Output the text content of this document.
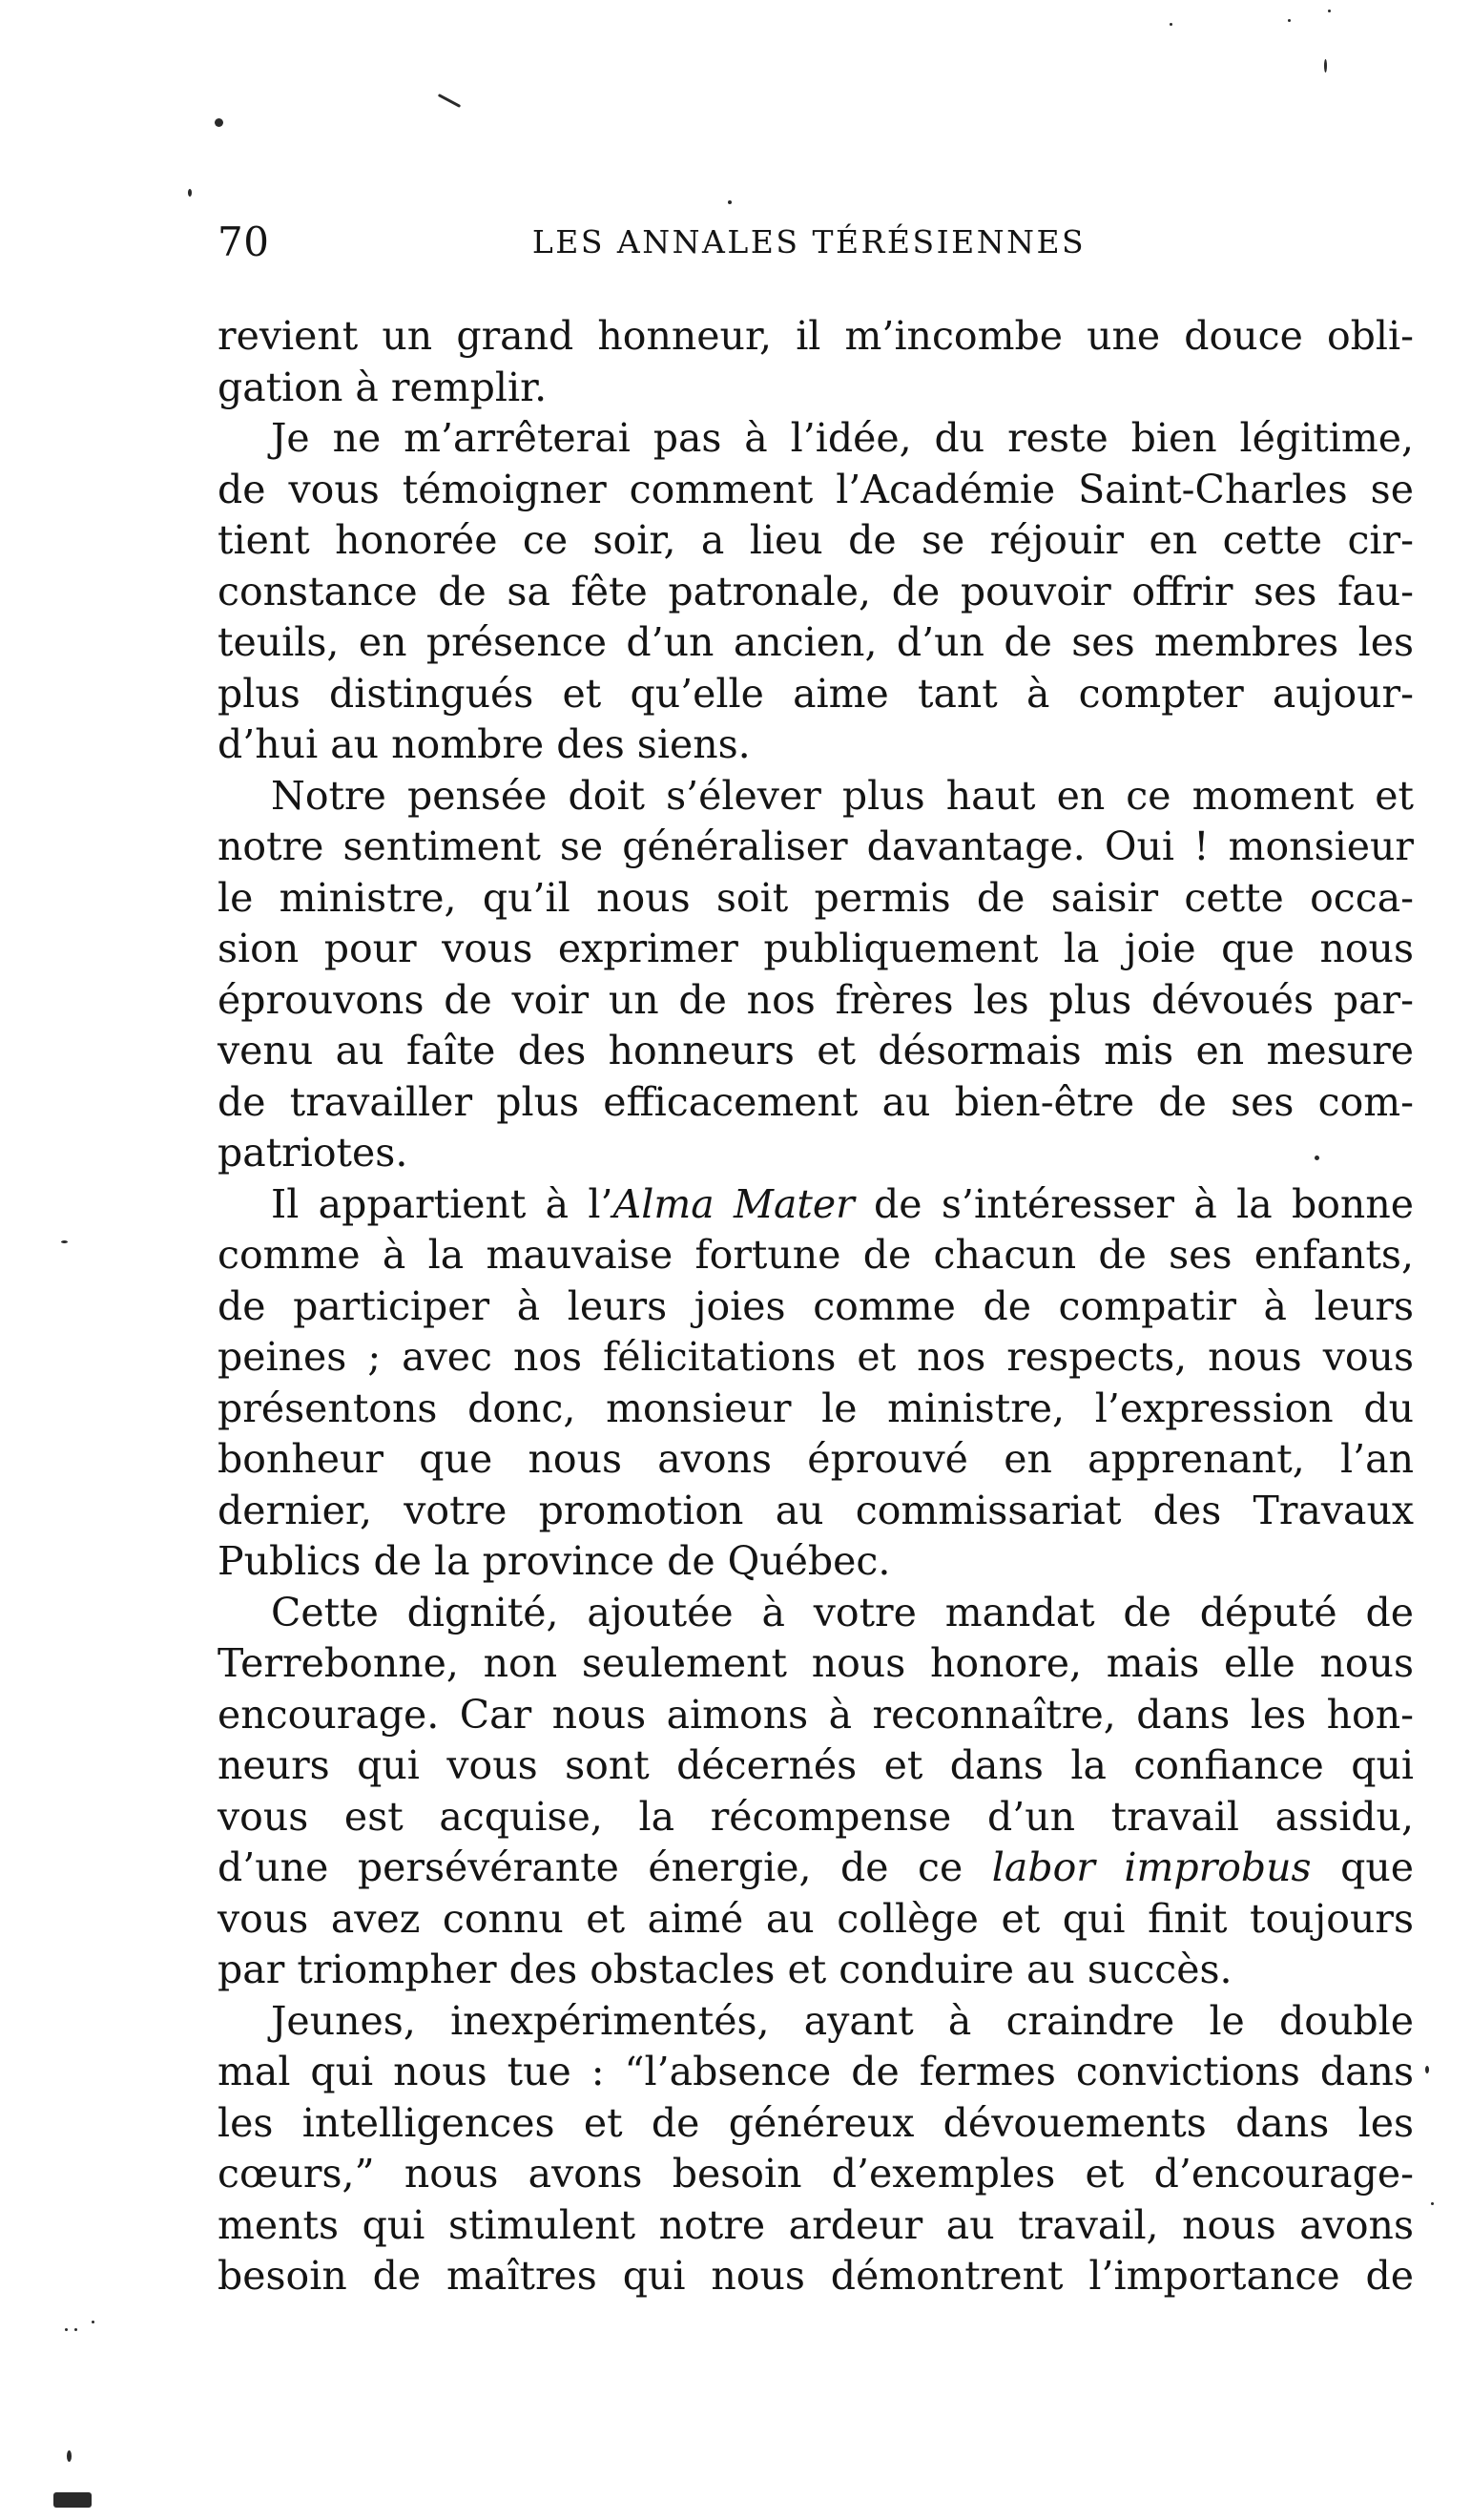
70	LES ANNALES TÉRÉSIENNES
revient un grand honneur, il m’incombe une douce obli-
gation à remplir.
Je ne m’arrêterai pas à l’idée, du reste bien légitime,
de vous témoigner comment l’Académie Saint-Charles se
tient honorée ce soir, a lieu de se réjouir en cette cir-
constance de sa fête patronale, de pouvoir offrir ses fau-
teuils, en présence d’un ancien, d’un de ses membres les
plus distingués et qu’elle aime tant à compter aujour-
d’hui au nombre des siens.
Notre pensée doit s’élever plus haut en ce moment et
notre sentiment se généraliser davantage. Oui ! monsieur
le ministre, qu’il nous soit permis de saisir cette occa-
sion pour vous exprimer publiquement la joie que nous
éprouvons de voir un de nos frères les plus dévoués par-
venu au faîte des honneurs et désormais mis en mesure
de travailler plus efficacement au bien-être de ses com-
patriotes.
Il appartient à l’Alma Mater de s’intéresser à la bonne
comme à la mauvaise fortune de chacun de ses enfants,
de participer à leurs joies comme de compatir à leurs
peines ; avec nos félicitations et nos respects, nous vous
présentons donc, monsieur le ministre, l’expression du
bonheur que nous avons éprouvé en apprenant, l’an
dernier, votre promotion au commissariat des Travaux
Publics de la province de Québec.
Cette dignité, ajoutée à votre mandat de député de
Terrebonne, non seulement nous honore, mais elle nous
encourage. Car nous aimons à reconnaître, dans les hon-
neurs qui vous sont décernés et dans la confiance qui
vous est acquise, la récompense d’un travail assidu,
d’une persévérante énergie, de ce labor improbus que
vous avez connu et aimé au collège et qui finit toujours
par triompher des obstacles et conduire au succès.
Jeunes, inexpérimentés, ayant à craindre le double
mal qui nous tue : “l’absence de fermes convictions dans
les intelligences et de généreux dévouements dans les
cœurs,” nous avons besoin d’exemples et d’encourage-
ments qui stimulent notre ardeur au travail, nous avons
besoin de maîtres qui nous démontrent l’importance de
